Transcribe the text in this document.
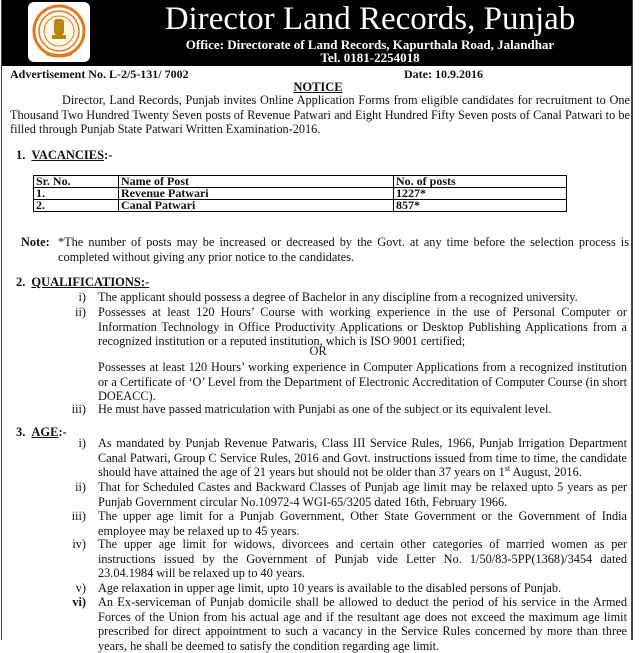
Director Land Records, Punjab
Office: Directorate of Land Records, Kapurthala Road, Jalandhar
Tel. 0181-2254018
Advertisement No. L-2/5-131/ 7002	Date: 10.9.2016
NOTICE
Director, Land Records, Punjab invites Online Application Forms from eligible candidates for recruitment to One Thousand Two Hundred Twenty Seven posts of Revenue Patwari and Eight Hundred Fifty Seven posts of Canal Patwari to be filled through Punjab State Patwari Written Examination-2016.
1. VACANCIES:-
Sr. No.	Name of Post	No. of posts
1.	Revenue Patwari	1227*
2.	Canal Patwari	857*
Note: *The number of posts may be increased or decreased by the Govt. at any time before the selection process is completed without giving any prior notice to the candidates.
2. QUALIFICATIONS:-
i) The applicant should possess a degree of Bachelor in any discipline from a recognized university.
ii) Possesses at least 120 Hours’ Course with working experience in the use of Personal Computer or Information Technology in Office Productivity Applications or Desktop Publishing Applications from a recognized institution or a reputed institution, which is ISO 9001 certified;
OR
Possesses at least 120 Hours’ working experience in Computer Applications from a recognized institution or a Certificate of ‘O’ Level from the Department of Electronic Accreditation of Computer Course (in short DOEACC).
iii) He must have passed matriculation with Punjabi as one of the subject or its equivalent level.
3. AGE:-
i) As mandated by Punjab Revenue Patwaris, Class III Service Rules, 1966, Punjab Irrigation Department Canal Patwari, Group C Service Rules, 2016 and Govt. instructions issued from time to time, the candidate should have attained the age of 21 years but should not be older than 37 years on 1st August, 2016.
ii) That for Scheduled Castes and Backward Classes of Punjab age limit may be relaxed upto 5 years as per Punjab Government circular No.10972-4 WGI-65/3205 dated 16th, February 1966.
iii) The upper age limit for a Punjab Government, Other State Government or the Government of India employee may be relaxed up to 45 years.
iv) The upper age limit for widows, divorcees and certain other categories of married women as per instructions issued by the Government of Punjab vide Letter No. 1/50/83-5PP(1368)/3454 dated 23.04.1984 will be relaxed up to 40 years.
v) Age relaxation in upper age limit, upto 10 years is available to the disabled persons of Punjab.
vi) An Ex-serviceman of Punjab domicile shall be allowed to deduct the period of his service in the Armed Forces of the Union from his actual age and if the resultant age does not exceed the maximum age limit prescribed for direct appointment to such a vacancy in the Service Rules concerned by more than three years, he shall be deemed to satisfy the condition regarding age limit.
